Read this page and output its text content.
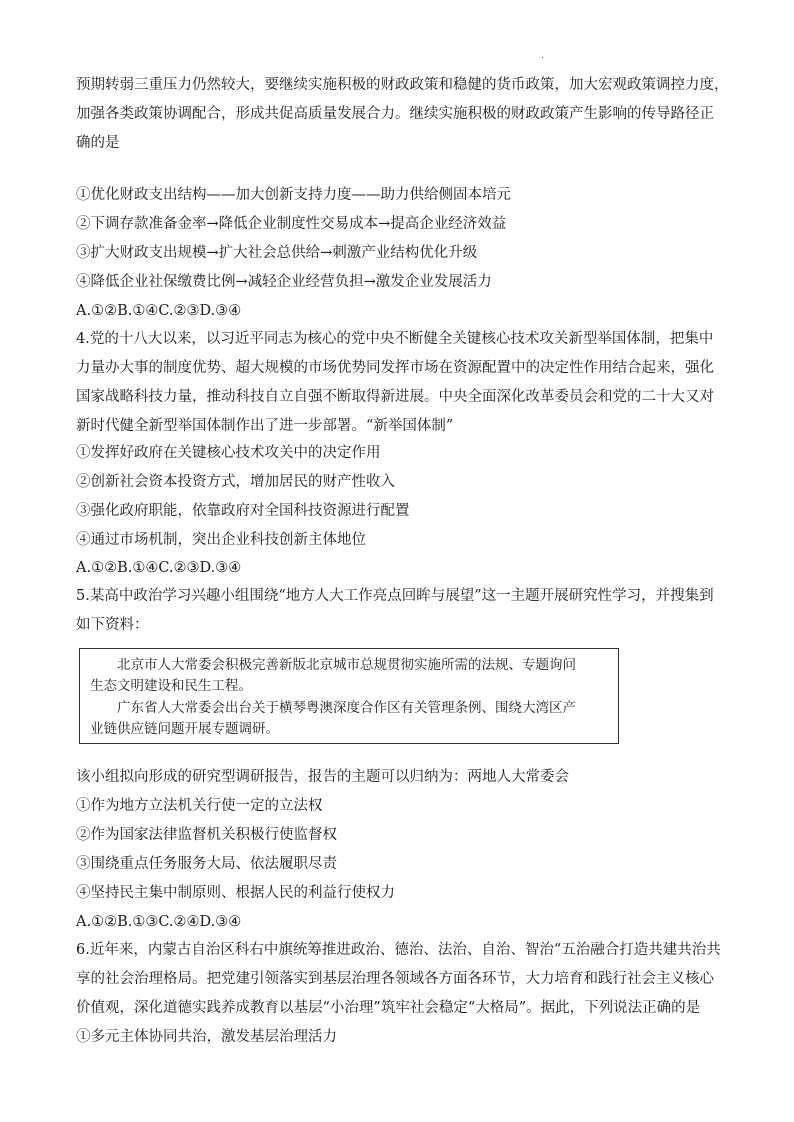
.
预期转弱三重压力仍然较大，要继续实施积极的财政政策和稳健的货币政策，加大宏观政策调控力度，
加强各类政策协调配合，形成共促高质量发展合力。继续实施积极的财政政策产生影响的传导路径正
确的是
①优化财政支出结构——加大创新支持力度——助力供给侧固本培元
②下调存款准备金率→降低企业制度性交易成本→提高企业经济效益
③扩大财政支出规模→扩大社会总供给→刺激产业结构优化升级
④降低企业社保缴费比例→减轻企业经营负担→激发企业发展活力
A.①②B.①④C.②③D.③④
4.党的十八大以来，以习近平同志为核心的党中央不断健全关键核心技术攻关新型举国体制，把集中
力量办大事的制度优势、超大规模的市场优势同发挥市场在资源配置中的决定性作用结合起来，强化
国家战略科技力量，推动科技自立自强不断取得新进展。中央全面深化改革委员会和党的二十大又对
新时代健全新型举国体制作出了进一步部署。“新举国体制”
①发挥好政府在关键核心技术攻关中的决定作用
②创新社会资本投资方式，增加居民的财产性收入
③强化政府职能，依靠政府对全国科技资源进行配置
④通过市场机制，突出企业科技创新主体地位
A.①②B.①④C.②③D.③④
5.某高中政治学习兴趣小组围绕“地方人大工作亮点回眸与展望”这一主题开展研究性学习，并搜集到
如下资料：
　　北京市人大常委会积极完善新版北京城市总规贯彻实施所需的法规、专题询问
生态文明建设和民生工程。
　　广东省人大常委会出台关于横琴粤澳深度合作区有关管理条例、围绕大湾区产
业链供应链问题开展专题调研。
该小组拟向形成的研究型调研报告，报告的主题可以归纳为：两地人大常委会
①作为地方立法机关行使一定的立法权
②作为国家法律监督机关积极行使监督权
③围绕重点任务服务大局、依法履职尽责
④坚持民主集中制原则、根据人民的利益行使权力
A.①②B.①③C.②④D.③④
6.近年来，内蒙古自治区科右中旗统筹推进政治、德治、法治、自治、智治“五治融合打造共建共治共
享的社会治理格局。把党建引领落实到基层治理各领域各方面各环节，大力培育和践行社会主义核心
价值观，深化道德实践养成教育以基层“小治理”筑牢社会稳定“大格局”。据此，下列说法正确的是
①多元主体协同共治，激发基层治理活力
